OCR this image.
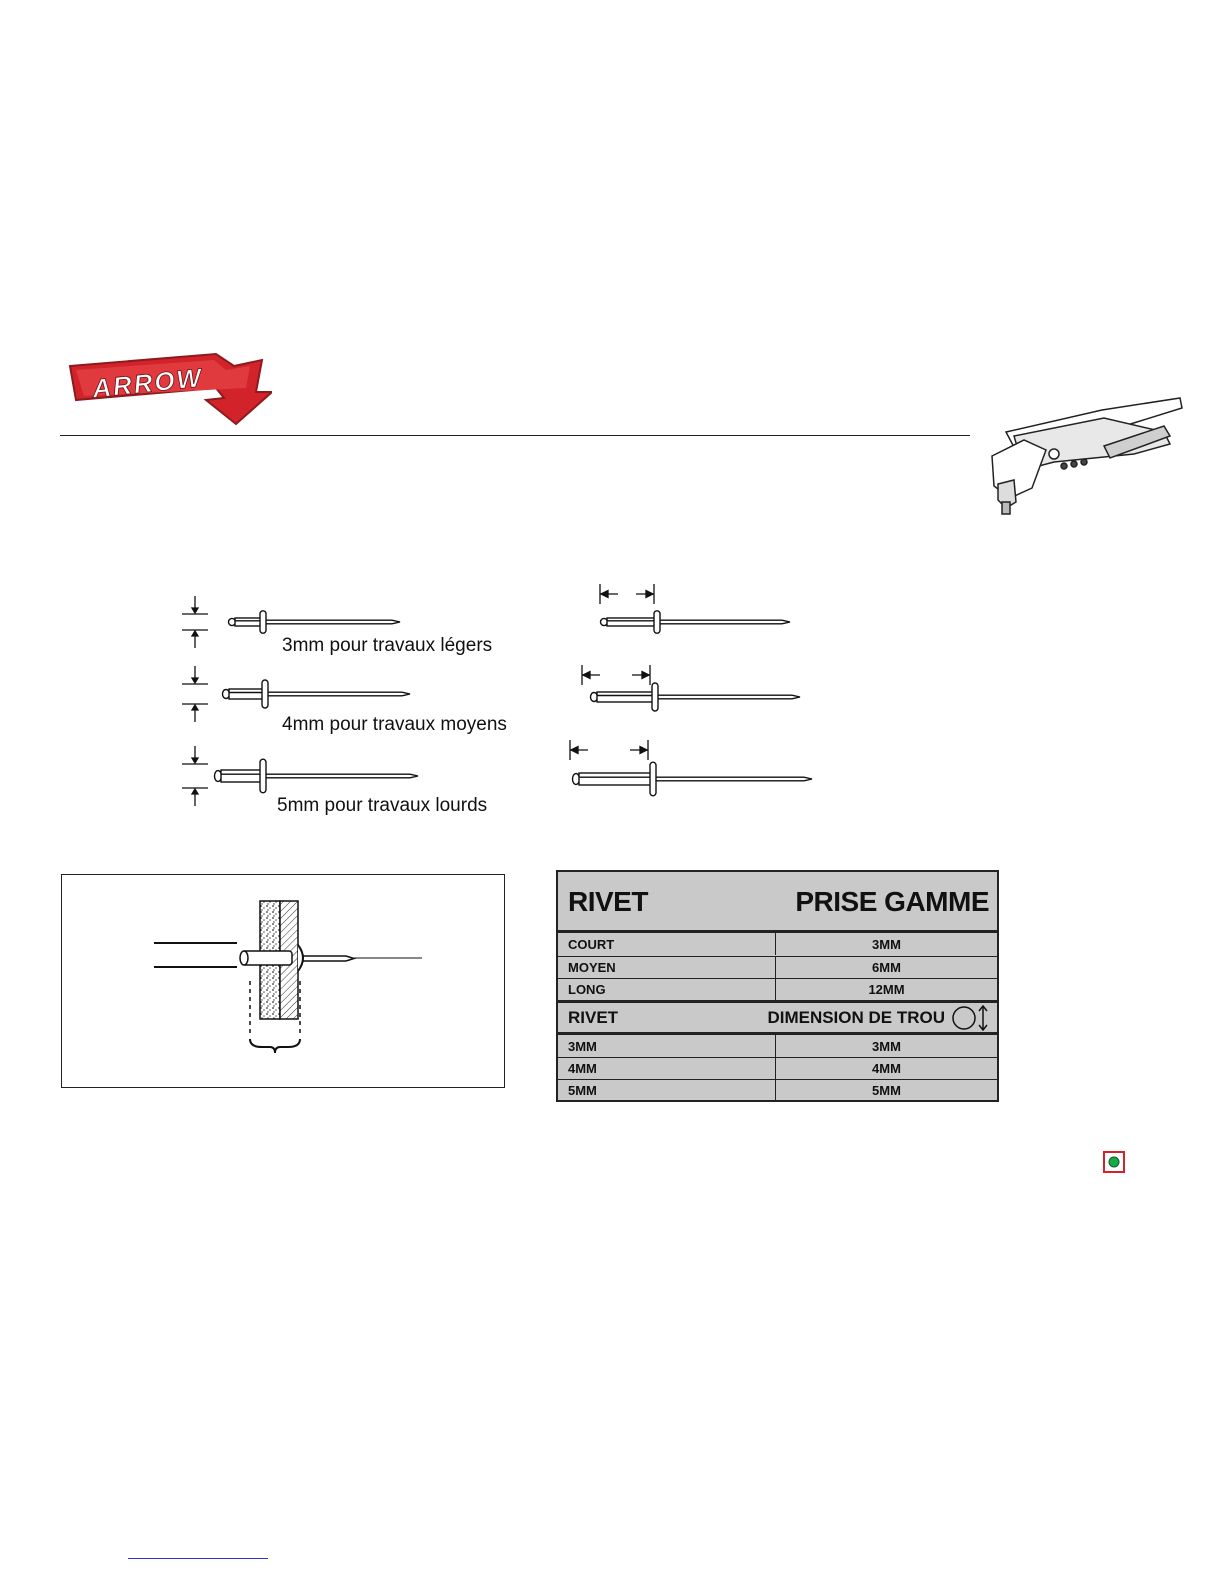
ARROW
3mm pour travaux légers
4mm pour travaux moyens
5mm pour travaux lourds
RIVET	PRISE GAMME
COURT	3MM
MOYEN	6MM
LONG	12MM
RIVET	DIMENSION DE TROU
3MM	3MM
4MM	4MM
5MM	5MM
